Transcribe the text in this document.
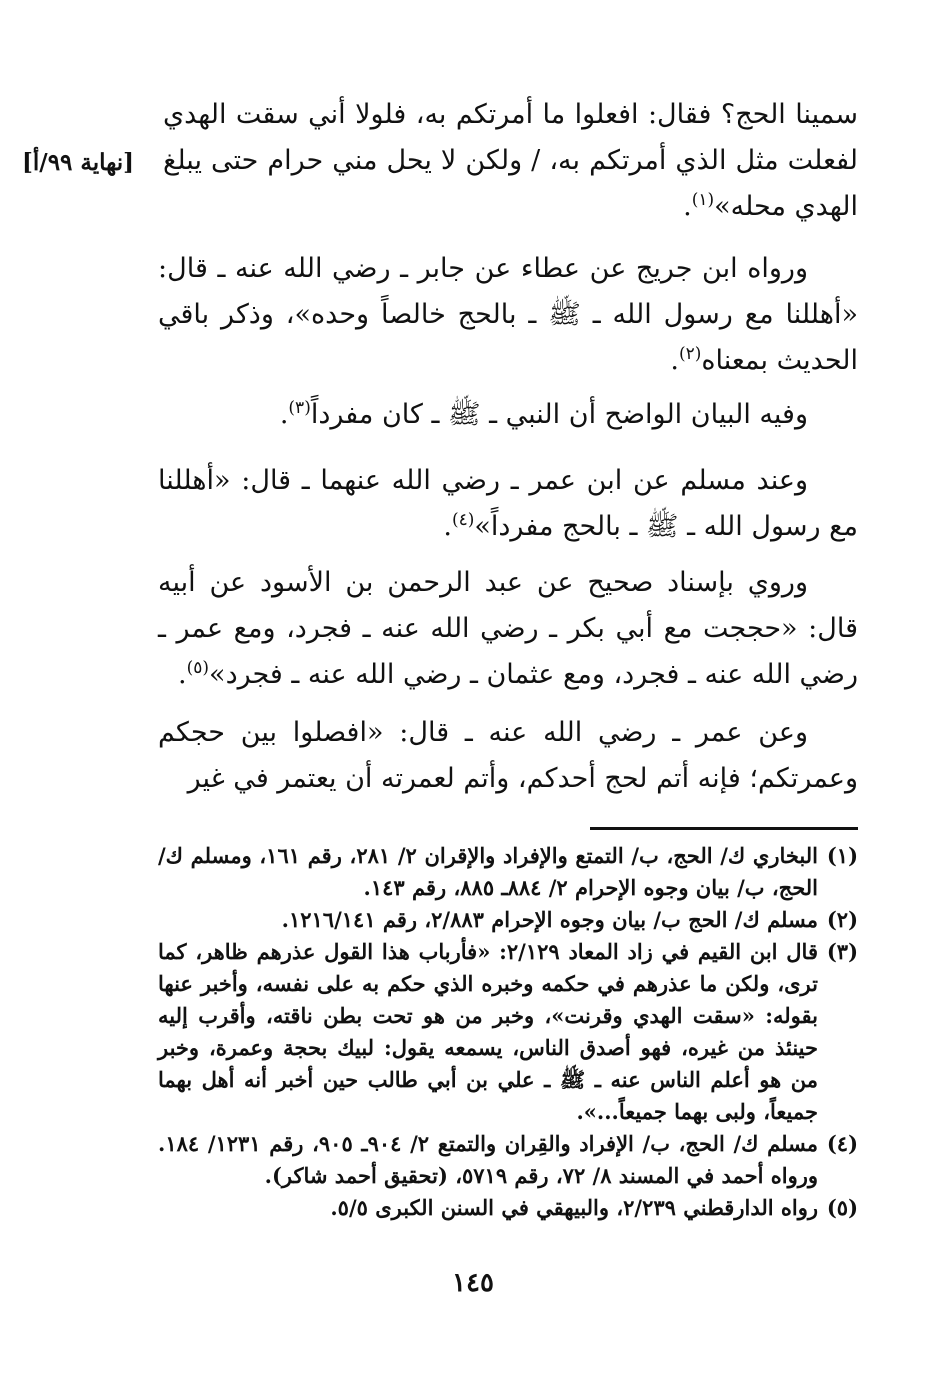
سمينا الحج؟ فقال: افعلوا ما أمرتكم به، فلولا أني سقت الهدي لفعلت مثل الذي أمرتكم به، / ولكن لا يحل مني حرام حتى يبلغ الهدي محله»$^{(١)}$.

[نهاية ٩٩/أ]

ورواه ابن جريج عن عطاء عن جابر ـ رضي الله عنه ـ قال: «أهللنا مع رسول الله ـ ﷺ ـ بالحج خالصاً وحده»، وذكر باقي الحديث بمعناه$^{(٢)}$.

وفيه البيان الواضح أن النبي ـ ﷺ ـ كان مفرداً$^{(٣)}$.

وعند مسلم عن ابن عمر ـ رضي الله عنهما ـ قال: «أهللنا مع رسول الله ـ ﷺ ـ بالحج مفرداً»$^{(٤)}$.

وروي بإسناد صحيح عن عبد الرحمن بن الأسود عن أبيه قال: «حججت مع أبي بكر ـ رضي الله عنه ـ فجرد، ومع عمر ـ رضي الله عنه ـ فجرد، ومع عثمان ـ رضي الله عنه ـ فجرد»$^{(٥)}$.

وعن عمر ـ رضي الله عنه ـ قال: «افصلوا بين حجكم وعمرتكم؛ فإنه أتم لحج أحدكم، وأتم لعمرته أن يعتمر في غير

(١)
البخاري ك/ الحج، ب/ التمتع والإفراد والإقران ٢/ ٢٨١، رقم ١٦١، ومسلم ك/ الحج، ب/ بيان وجوه الإحرام ٢/ ٨٨٤ـ ٨٨٥، رقم ١٤٣.
(٢)
مسلم ك/ الحج ب/ بيان وجوه الإحرام ٢/٨٨٣، رقم ١٢١٦/١٤١.
(٣)
قال ابن القيم في زاد المعاد ٢/١٢٩: «فأرباب هذا القول عذرهم ظاهر، كما ترى، ولكن ما عذرهم في حكمه وخبره الذي حكم به على نفسه، وأخبر عنها بقوله: «سقت الهدي وقرنت»، وخبر من هو تحت بطن ناقته، وأقرب إليه حينئذ من غيره، فهو أصدق الناس، يسمعه يقول: لبيك بحجة وعمرة، وخبر من هو أعلم الناس عنه ـ ﷺ ـ علي بن أبي طالب حين أخبر أنه أهل بهما جميعاً، ولبى بهما جميعاً...».
(٤)
مسلم ك/ الحج، ب/ الإفراد والقِران والتمتع ٢/ ٩٠٤ـ ٩٠٥، رقم ١٢٣١/ ١٨٤. ورواه أحمد في المسند ٨/ ٧٢، رقم ٥٧١٩، (تحقيق أحمد شاكر).
(٥)
رواه الدارقطني ٢/٢٣٩، والبيهقي في السنن الكبرى ٥/٥.
١٤٥
